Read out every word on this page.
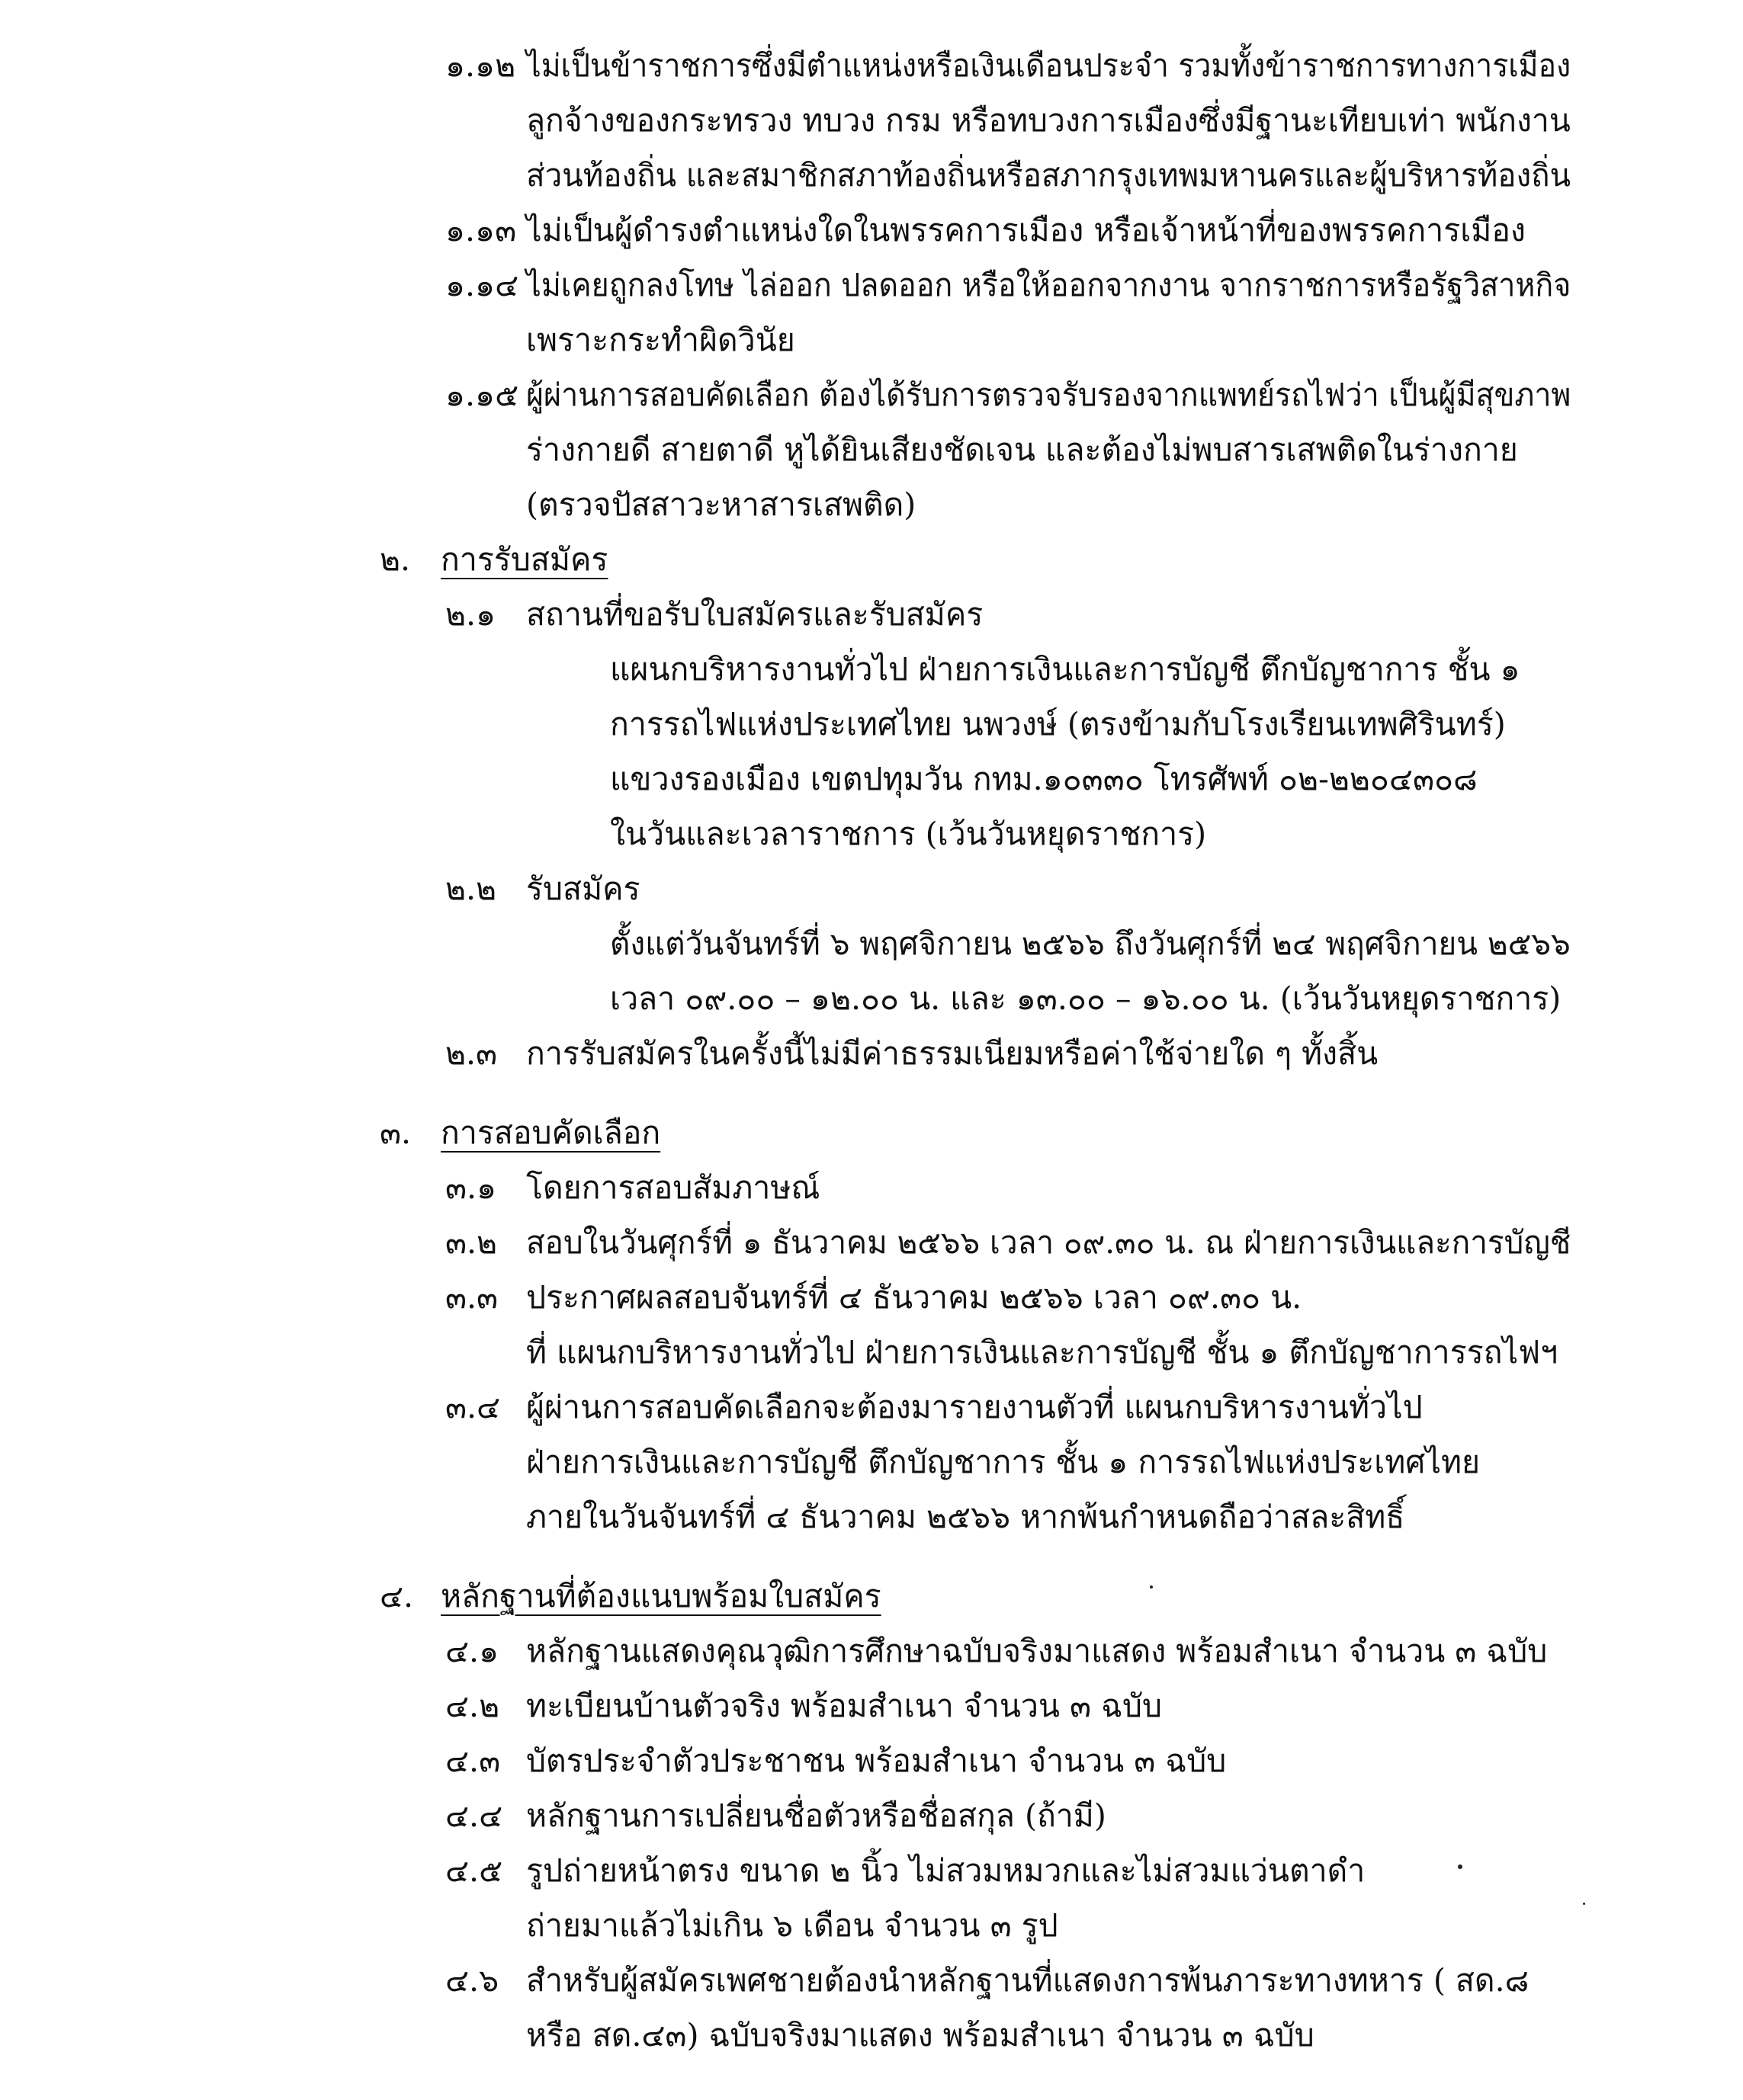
๑.๑๒ ไม่เป็นข้าราชการซึ่งมีตำแหน่งหรือเงินเดือนประจำ รวมทั้งข้าราชการทางการเมือง
ลูกจ้างของกระทรวง ทบวง กรม หรือทบวงการเมืองซึ่งมีฐานะเทียบเท่า พนักงาน
ส่วนท้องถิ่น และสมาชิกสภาท้องถิ่นหรือสภากรุงเทพมหานครและผู้บริหารท้องถิ่น
๑.๑๓ ไม่เป็นผู้ดำรงตำแหน่งใดในพรรคการเมือง หรือเจ้าหน้าที่ของพรรคการเมือง
๑.๑๔ ไม่เคยถูกลงโทษ ไล่ออก ปลดออก หรือให้ออกจากงาน จากราชการหรือรัฐวิสาหกิจ
เพราะกระทำผิดวินัย
๑.๑๕ ผู้ผ่านการสอบคัดเลือก ต้องได้รับการตรวจรับรองจากแพทย์รถไฟว่า เป็นผู้มีสุขภาพ
ร่างกายดี สายตาดี หูได้ยินเสียงชัดเจน และต้องไม่พบสารเสพติดในร่างกาย
(ตรวจปัสสาวะหาสารเสพติด)
๒. การรับสมัคร
๒.๑ สถานที่ขอรับใบสมัครและรับสมัคร
แผนกบริหารงานทั่วไป ฝ่ายการเงินและการบัญชี ตึกบัญชาการ ชั้น ๑
การรถไฟแห่งประเทศไทย นพวงษ์ (ตรงข้ามกับโรงเรียนเทพศิรินทร์)
แขวงรองเมือง เขตปทุมวัน กทม.๑๐๓๓๐ โทรศัพท์ ๐๒-๒๒๐๔๓๐๘
ในวันและเวลาราชการ (เว้นวันหยุดราชการ)
๒.๒ รับสมัคร
ตั้งแต่วันจันทร์ที่ ๖ พฤศจิกายน ๒๕๖๖ ถึงวันศุกร์ที่ ๒๔ พฤศจิกายน ๒๕๖๖
เวลา ๐๙.๐๐ – ๑๒.๐๐ น. และ ๑๓.๐๐ – ๑๖.๐๐ น. (เว้นวันหยุดราชการ)
๒.๓ การรับสมัครในครั้งนี้ไม่มีค่าธรรมเนียมหรือค่าใช้จ่ายใด ๆ ทั้งสิ้น
๓. การสอบคัดเลือก
๓.๑ โดยการสอบสัมภาษณ์
๓.๒ สอบในวันศุกร์ที่ ๑ ธันวาคม ๒๕๖๖ เวลา ๐๙.๓๐ น. ณ ฝ่ายการเงินและการบัญชี
๓.๓ ประกาศผลสอบจันทร์ที่ ๔ ธันวาคม ๒๕๖๖ เวลา ๐๙.๓๐ น.
ที่ แผนกบริหารงานทั่วไป ฝ่ายการเงินและการบัญชี ชั้น ๑ ตึกบัญชาการรถไฟฯ
๓.๔ ผู้ผ่านการสอบคัดเลือกจะต้องมารายงานตัวที่ แผนกบริหารงานทั่วไป
ฝ่ายการเงินและการบัญชี ตึกบัญชาการ ชั้น ๑ การรถไฟแห่งประเทศไทย
ภายในวันจันทร์ที่ ๔ ธันวาคม ๒๕๖๖ หากพ้นกำหนดถือว่าสละสิทธิ์
๔. หลักฐานที่ต้องแนบพร้อมใบสมัคร
๔.๑ หลักฐานแสดงคุณวุฒิการศึกษาฉบับจริงมาแสดง พร้อมสำเนา จำนวน ๓ ฉบับ
๔.๒ ทะเบียนบ้านตัวจริง พร้อมสำเนา จำนวน ๓ ฉบับ
๔.๓ บัตรประจำตัวประชาชน พร้อมสำเนา จำนวน ๓ ฉบับ
๔.๔ หลักฐานการเปลี่ยนชื่อตัวหรือชื่อสกุล (ถ้ามี)
๔.๕ รูปถ่ายหน้าตรง ขนาด ๒ นิ้ว ไม่สวมหมวกและไม่สวมแว่นตาดำ
ถ่ายมาแล้วไม่เกิน ๖ เดือน จำนวน ๓ รูป
๔.๖ สำหรับผู้สมัครเพศชายต้องนำหลักฐานที่แสดงการพ้นภาระทางทหาร ( สด.๘
หรือ สด.๔๓) ฉบับจริงมาแสดง พร้อมสำเนา จำนวน ๓ ฉบับ
